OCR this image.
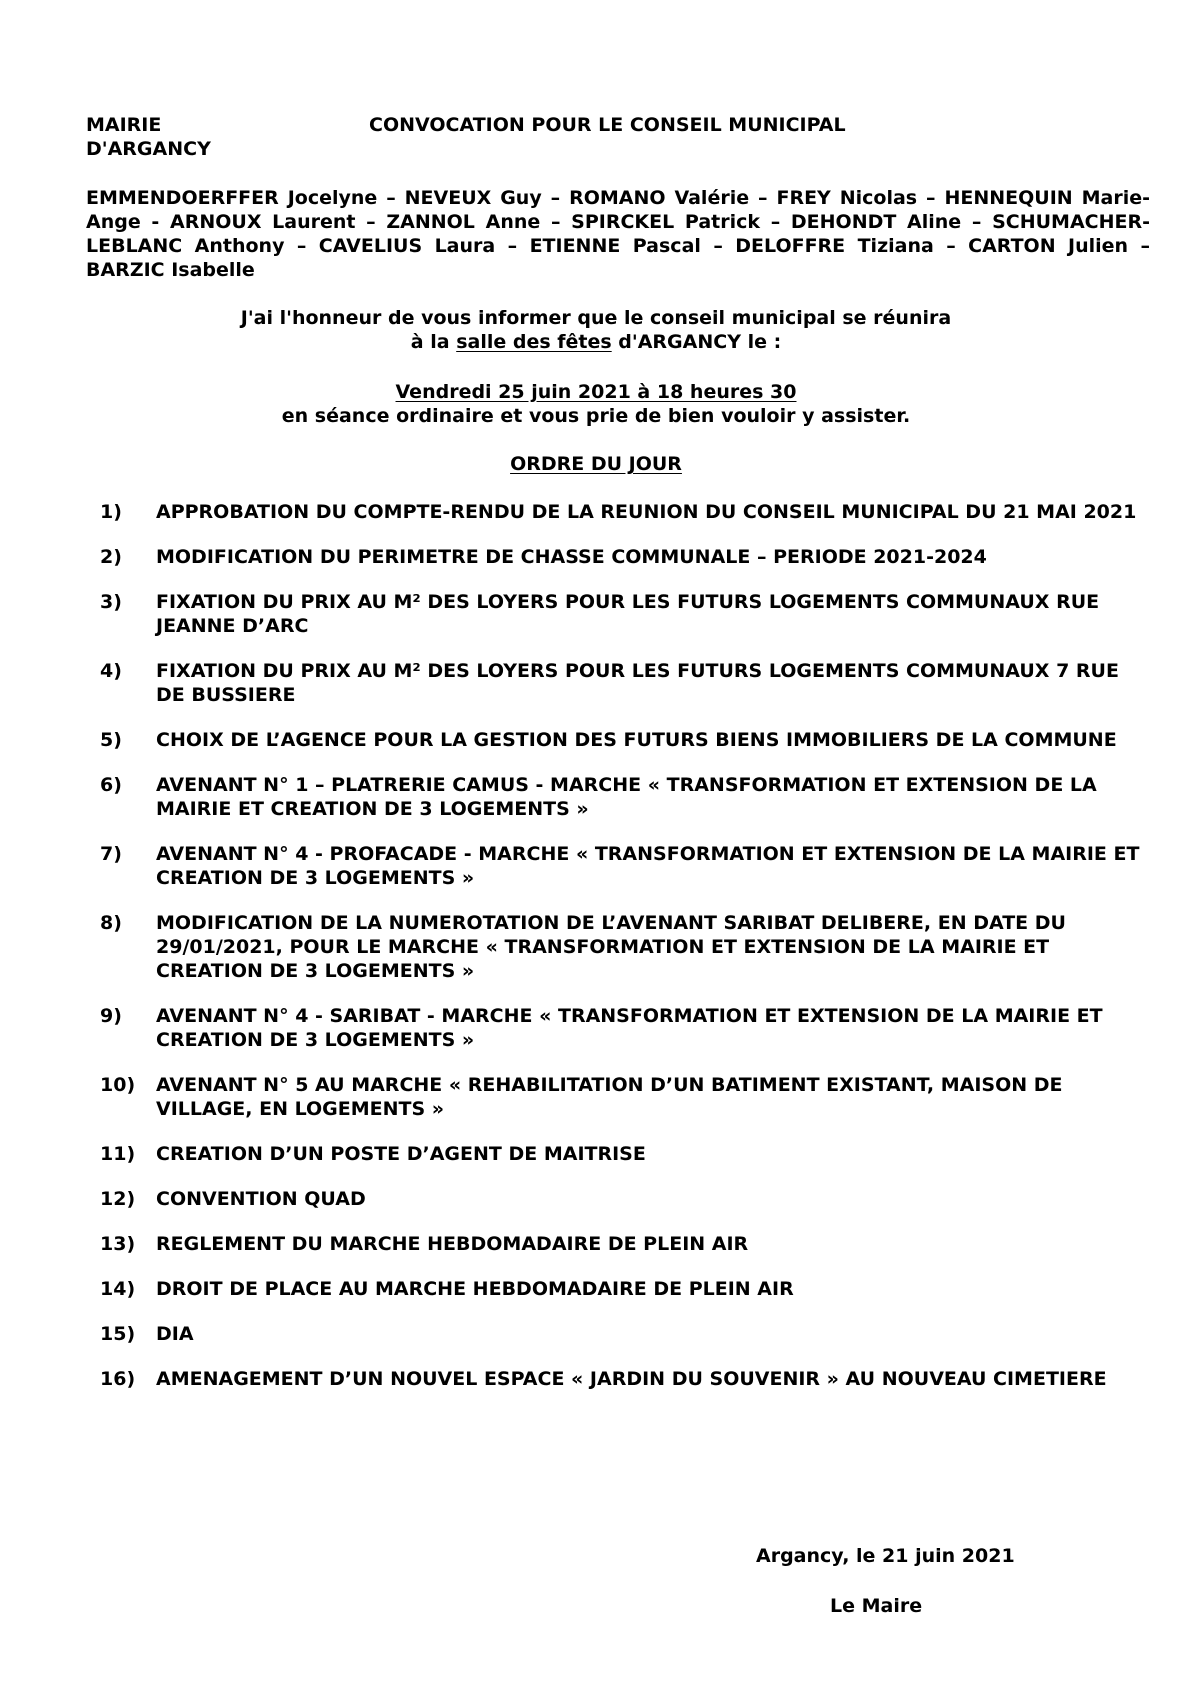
MAIRIE
D'ARGANCY
CONVOCATION POUR LE CONSEIL MUNICIPAL
EMMENDOERFFER Jocelyne – NEVEUX Guy – ROMANO Valérie – FREY Nicolas – HENNEQUIN Marie-Ange - ARNOUX Laurent – ZANNOL Anne – SPIRCKEL Patrick – DEHONDT Aline – SCHUMACHER-LEBLANC Anthony – CAVELIUS Laura – ETIENNE Pascal – DELOFFRE Tiziana – CARTON Julien – BARZIC Isabelle
J'ai l'honneur de vous informer que le conseil municipal se réunira
à la salle des fêtes d'ARGANCY le :
Vendredi 25 juin 2021 à 18 heures 30
en séance ordinaire et vous prie de bien vouloir y assister.
ORDRE DU JOUR
1) APPROBATION DU COMPTE-RENDU DE LA REUNION DU CONSEIL MUNICIPAL DU 21 MAI 2021
2) MODIFICATION DU PERIMETRE DE CHASSE COMMUNALE – PERIODE 2021-2024
3) FIXATION DU PRIX AU M² DES LOYERS POUR LES FUTURS LOGEMENTS COMMUNAUX RUE JEANNE D’ARC
4) FIXATION DU PRIX AU M² DES LOYERS POUR LES FUTURS LOGEMENTS COMMUNAUX 7 RUE DE BUSSIERE
5) CHOIX DE L’AGENCE POUR LA GESTION DES FUTURS BIENS IMMOBILIERS DE LA COMMUNE
6) AVENANT N° 1 – PLATRERIE CAMUS - MARCHE « TRANSFORMATION ET EXTENSION DE LA MAIRIE ET CREATION DE 3 LOGEMENTS »
7) AVENANT N° 4 - PROFACADE - MARCHE « TRANSFORMATION ET EXTENSION DE LA MAIRIE ET CREATION DE 3 LOGEMENTS »
8) MODIFICATION DE LA NUMEROTATION DE L’AVENANT SARIBAT DELIBERE, EN DATE DU 29/01/2021, POUR LE MARCHE « TRANSFORMATION ET EXTENSION DE LA MAIRIE ET CREATION DE 3 LOGEMENTS »
9) AVENANT N° 4 - SARIBAT - MARCHE « TRANSFORMATION ET EXTENSION DE LA MAIRIE ET CREATION DE 3 LOGEMENTS »
10) AVENANT N° 5 AU MARCHE « REHABILITATION D’UN BATIMENT EXISTANT, MAISON DE VILLAGE, EN LOGEMENTS »
11) CREATION D’UN POSTE D’AGENT DE MAITRISE
12) CONVENTION QUAD
13) REGLEMENT DU MARCHE HEBDOMADAIRE DE PLEIN AIR
14) DROIT DE PLACE AU MARCHE HEBDOMADAIRE DE PLEIN AIR
15) DIA
16) AMENAGEMENT D’UN NOUVEL ESPACE « JARDIN DU SOUVENIR » AU NOUVEAU CIMETIERE
Argancy, le 21 juin 2021
Le Maire
